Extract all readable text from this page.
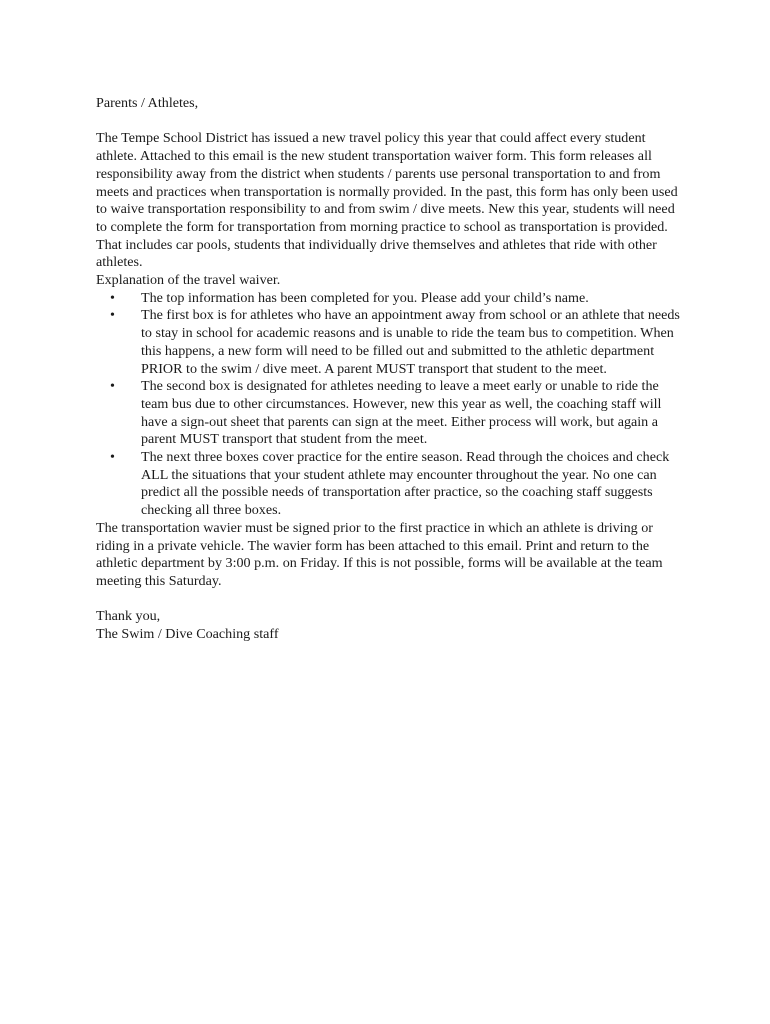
Parents / Athletes,

The Tempe School District has issued a new travel policy this year that could affect every student athlete. Attached to this email is the new student transportation waiver form. This form releases all responsibility away from the district when students / parents use personal transportation to and from meets and practices when transportation is normally provided. In the past, this form has only been used to waive transportation responsibility to and from swim / dive meets. New this year, students will need to complete the form for transportation from morning practice to school as transportation is provided. That includes car pools, students that individually drive themselves and athletes that ride with other athletes.

Explanation of the travel waiver.

• The top information has been completed for you. Please add your child’s name.
• The first box is for athletes who have an appointment away from school or an athlete that needs to stay in school for academic reasons and is unable to ride the team bus to competition. When this happens, a new form will need to be filled out and submitted to the athletic department PRIOR to the swim / dive meet. A parent MUST transport that student to the meet.
• The second box is designated for athletes needing to leave a meet early or unable to ride the team bus due to other circumstances. However, new this year as well, the coaching staff will have a sign-out sheet that parents can sign at the meet. Either process will work, but again a parent MUST transport that student from the meet.
• The next three boxes cover practice for the entire season. Read through the choices and check ALL the situations that your student athlete may encounter throughout the year. No one can predict all the possible needs of transportation after practice, so the coaching staff suggests checking all three boxes.

The transportation wavier must be signed prior to the first practice in which an athlete is driving or riding in a private vehicle. The wavier form has been attached to this email. Print and return to the athletic department by 3:00 p.m. on Friday. If this is not possible, forms will be available at the team meeting this Saturday.

Thank you,

The Swim / Dive Coaching staff
